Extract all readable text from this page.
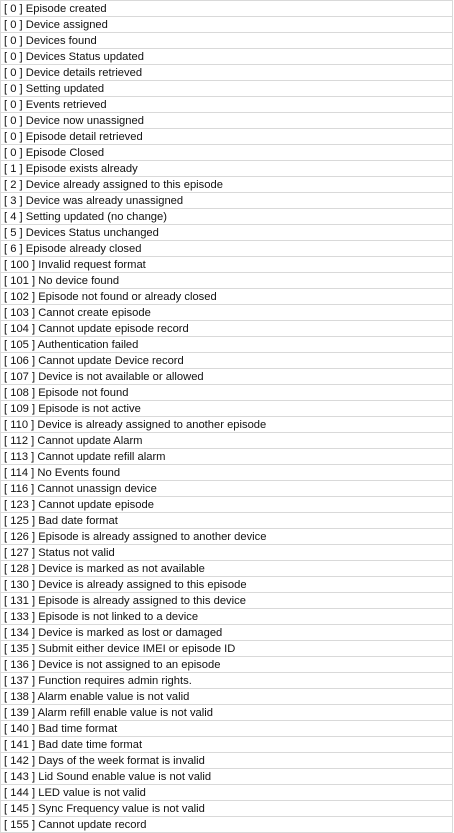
[ 0 ] Episode created
[ 0 ] Device assigned
[ 0 ] Devices found
[ 0 ] Devices Status updated
[ 0 ] Device details retrieved
[ 0 ] Setting updated
[ 0 ] Events retrieved
[ 0 ] Device now unassigned
[ 0 ] Episode detail retrieved
[ 0 ] Episode Closed
[ 1 ] Episode exists already
[ 2 ] Device already assigned to this episode
[ 3 ] Device was already unassigned
[ 4 ] Setting updated (no change)
[ 5 ] Devices Status unchanged
[ 6 ] Episode already closed
[ 100 ] Invalid request format
[ 101 ] No device found
[ 102 ] Episode not found or already closed
[ 103 ] Cannot create episode
[ 104 ] Cannot update episode record
[ 105 ] Authentication failed
[ 106 ] Cannot update Device record
[ 107 ] Device is not available or allowed
[ 108 ] Episode not found
[ 109 ] Episode is not active
[ 110 ] Device is already assigned to another episode
[ 112 ] Cannot update Alarm
[ 113 ] Cannot update refill alarm
[ 114 ] No Events found
[ 116 ] Cannot unassign device
[ 123 ] Cannot update episode
[ 125 ] Bad date format
[ 126 ] Episode is already assigned to another device
[ 127 ] Status not valid
[ 128 ] Device is marked as not available
[ 130 ] Device is already assigned to this episode
[ 131 ] Episode is already assigned to this device
[ 133 ] Episode is not linked to a device
[ 134 ] Device is marked as lost or damaged
[ 135 ] Submit either device IMEI or episode ID
[ 136 ] Device is not assigned to an episode
[ 137 ] Function requires admin rights.
[ 138 ] Alarm enable value is not valid
[ 139 ] Alarm refill enable value is not valid
[ 140 ] Bad time format
[ 141 ] Bad date time format
[ 142 ] Days of the week format is invalid
[ 143 ] Lid Sound enable value is not valid
[ 144 ] LED value is not valid
[ 145 ] Sync Frequency value is not valid
[ 155 ] Cannot update record
